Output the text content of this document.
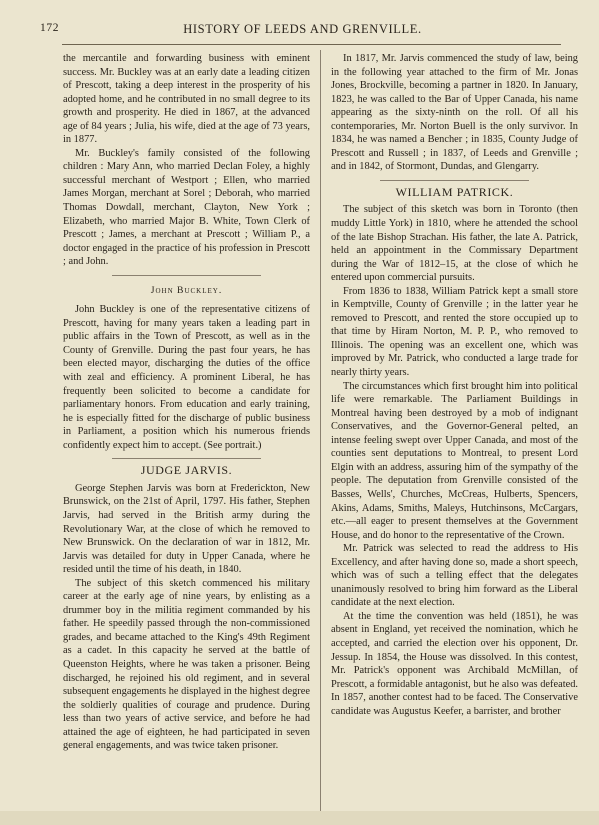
172	HISTORY OF LEEDS AND GRENVILLE.

the mercantile and forwarding business with eminent success. Mr. Buckley was at an early date a leading citizen of Prescott, taking a deep interest in the prosperity of his adopted home, and he contributed in no small degree to its growth and prosperity. He died in 1867, at the advanced age of 84 years ; Julia, his wife, died at the age of 73 years, in 1877.

Mr. Buckley's family consisted of the following children : Mary Ann, who married Declan Foley, a highly successful merchant of Westport ; Ellen, who married James Morgan, merchant at Sorel ; Deborah, who married Thomas Dowdall, merchant, Clayton, New York ; Elizabeth, who married Major B. White, Town Clerk of Prescott ; James, a merchant at Prescott ; William P., a doctor engaged in the practice of his profession in Prescott ; and John.

John Buckley.

John Buckley is one of the representative citizens of Prescott, having for many years taken a leading part in public affairs in the Town of Prescott, as well as in the County of Grenville. During the past four years, he has been elected mayor, discharging the duties of the office with zeal and efficiency. A prominent Liberal, he has frequently been solicited to become a candidate for parliamentary honors. From education and early training, he is especially fitted for the discharge of public business in Parliament, a position which his numerous friends confidently expect him to accept. (See portrait.)

JUDGE JARVIS.

George Stephen Jarvis was born at Frederickton, New Brunswick, on the 21st of April, 1797. His father, Stephen Jarvis, had served in the British army during the Revolutionary War, at the close of which he removed to New Brunswick. On the declaration of war in 1812, Mr. Jarvis was detailed for duty in Upper Canada, where he resided until the time of his death, in 1840.

The subject of this sketch commenced his military career at the early age of nine years, by enlisting as a drummer boy in the militia regiment commanded by his father. He speedily passed through the non-commissioned grades, and became attached to the King's 49th Regiment as a cadet. In this capacity he served at the battle of Queenston Heights, where he was taken a prisoner. Being discharged, he rejoined his old regiment, and in several subsequent engagements he displayed in the highest degree the soldierly qualities of courage and prudence. During less than two years of active service, and before he had attained the age of eighteen, he had participated in seven general engagements, and was twice taken prisoner.

In 1817, Mr. Jarvis commenced the study of law, being in the following year attached to the firm of Mr. Jonas Jones, Brockville, becoming a partner in 1820. In January, 1823, he was called to the Bar of Upper Canada, his name appearing as the sixty-ninth on the roll. Of all his contemporaries, Mr. Norton Buell is the only survivor. In 1834, he was named a Bencher ; in 1835, County Judge of Prescott and Russell ; in 1837, of Leeds and Grenville ; and in 1842, of Stormont, Dundas, and Glengarry.

WILLIAM PATRICK.

The subject of this sketch was born in Toronto (then muddy Little York) in 1810, where he attended the school of the late Bishop Strachan. His father, the late A. Patrick, held an appointment in the Commissary Department during the War of 1812–15, at the close of which he entered upon commercial pursuits.

From 1836 to 1838, William Patrick kept a small store in Kemptville, County of Grenville ; in the latter year he removed to Prescott, and rented the store occupied up to that time by Hiram Norton, M. P. P., who removed to Illinois. The opening was an excellent one, which was improved by Mr. Patrick, who conducted a large trade for nearly thirty years.

The circumstances which first brought him into political life were remarkable. The Parliament Buildings in Montreal having been destroyed by a mob of indignant Conservatives, and the Governor-General pelted, an intense feeling swept over Upper Canada, and most of the counties sent deputations to Montreal, to present Lord Elgin with an address, assuring him of the sympathy of the people. The deputation from Grenville consisted of the Basses, Wells', Churches, McCreas, Hulberts, Spencers, Akins, Adams, Smiths, Maleys, Hutchinsons, McCargars, etc.—all eager to present themselves at the Government House, and do honor to the representative of the Crown.

Mr. Patrick was selected to read the address to His Excellency, and after having done so, made a short speech, which was of such a telling effect that the delegates unanimously resolved to bring him forward as the Liberal candidate at the next election.

At the time the convention was held (1851), he was absent in England, yet received the nomination, which he accepted, and carried the election over his opponent, Dr. Jessup. In 1854, the House was dissolved. In this contest, Mr. Patrick's opponent was Archibald McMillan, of Prescott, a formidable antagonist, but he also was defeated. In 1857, another contest had to be faced. The Conservative candidate was Augustus Keefer, a barrister, and brother
